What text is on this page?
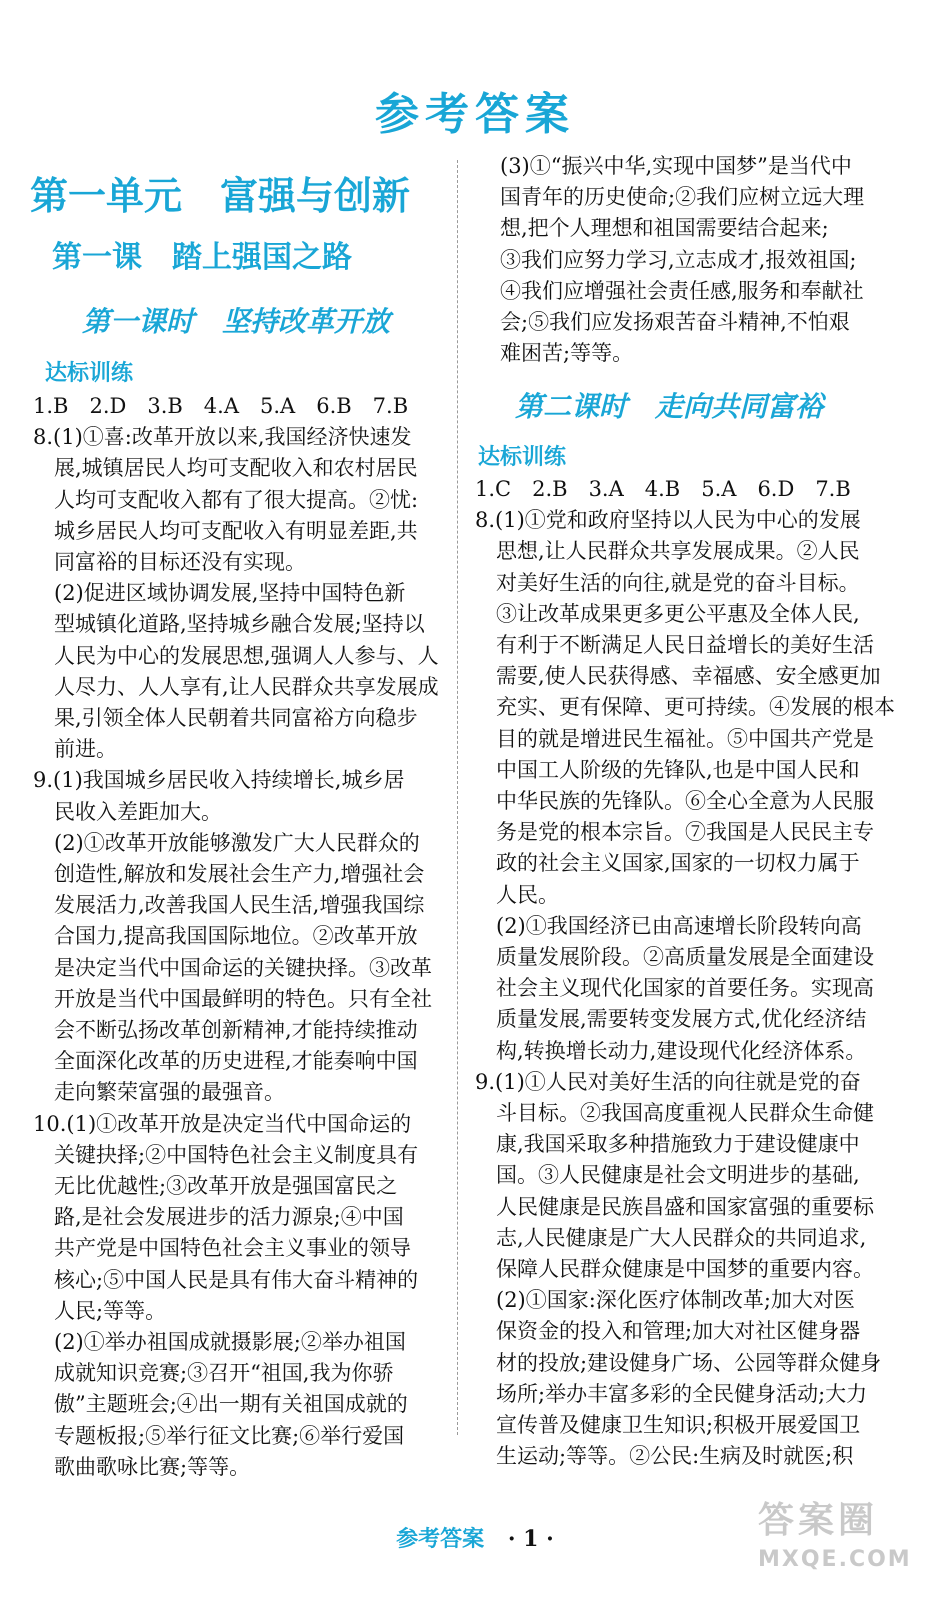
参考答案
第一单元　富强与创新
第一课　踏上强国之路
第一课时　坚持改革开放
达标训练
第二课时　走向共同富裕
达标训练
参考答案 · 1 ·	答案圈
MXQE.COM
1.B　2.D　3.B　4.A　5.A　6.B　7.B
8.(1)①喜:改革开放以来,我国经济快速发
　展,城镇居民人均可支配收入和农村居民
　人均可支配收入都有了很大提高。②忧:
　城乡居民人均可支配收入有明显差距,共
　同富裕的目标还没有实现。
　(2)促进区域协调发展,坚持中国特色新
　型城镇化道路,坚持城乡融合发展;坚持以
　人民为中心的发展思想,强调人人参与、人
　人尽力、人人享有,让人民群众共享发展成
　果,引领全体人民朝着共同富裕方向稳步
　前进。
9.(1)我国城乡居民收入持续增长,城乡居
　民收入差距加大。
　(2)①改革开放能够激发广大人民群众的
　创造性,解放和发展社会生产力,增强社会
　发展活力,改善我国人民生活,增强我国综
　合国力,提高我国国际地位。②改革开放
　是决定当代中国命运的关键抉择。③改革
　开放是当代中国最鲜明的特色。只有全社
　会不断弘扬改革创新精神,才能持续推动
　全面深化改革的历史进程,才能奏响中国
　走向繁荣富强的最强音。
10.(1)①改革开放是决定当代中国命运的
　关键抉择;②中国特色社会主义制度具有
　无比优越性;③改革开放是强国富民之
　路,是社会发展进步的活力源泉;④中国
　共产党是中国特色社会主义事业的领导
　核心;⑤中国人民是具有伟大奋斗精神的
　人民;等等。
　(2)①举办祖国成就摄影展;②举办祖国
　成就知识竞赛;③召开“祖国,我为你骄
　傲”主题班会;④出一期有关祖国成就的
　专题板报;⑤举行征文比赛;⑥举行爱国
　歌曲歌咏比赛;等等。
(3)①“振兴中华,实现中国梦”是当代中
国青年的历史使命;②我们应树立远大理
想,把个人理想和祖国需要结合起来;
③我们应努力学习,立志成才,报效祖国;
④我们应增强社会责任感,服务和奉献社
会;⑤我们应发扬艰苦奋斗精神,不怕艰
难困苦;等等。
1.C　2.B　3.A　4.B　5.A　6.D　7.B
8.(1)①党和政府坚持以人民为中心的发展
　思想,让人民群众共享发展成果。②人民
　对美好生活的向往,就是党的奋斗目标。
　③让改革成果更多更公平惠及全体人民,
　有利于不断满足人民日益增长的美好生活
　需要,使人民获得感、幸福感、安全感更加
　充实、更有保障、更可持续。④发展的根本
　目的就是增进民生福祉。⑤中国共产党是
　中国工人阶级的先锋队,也是中国人民和
　中华民族的先锋队。⑥全心全意为人民服
　务是党的根本宗旨。⑦我国是人民民主专
　政的社会主义国家,国家的一切权力属于
　人民。
　(2)①我国经济已由高速增长阶段转向高
　质量发展阶段。②高质量发展是全面建设
　社会主义现代化国家的首要任务。实现高
　质量发展,需要转变发展方式,优化经济结
　构,转换增长动力,建设现代化经济体系。
9.(1)①人民对美好生活的向往就是党的奋
　斗目标。②我国高度重视人民群众生命健
　康,我国采取多种措施致力于建设健康中
　国。③人民健康是社会文明进步的基础,
　人民健康是民族昌盛和国家富强的重要标
　志,人民健康是广大人民群众的共同追求,
　保障人民群众健康是中国梦的重要内容。
　(2)①国家:深化医疗体制改革;加大对医
　保资金的投入和管理;加大对社区健身器
　材的投放;建设健身广场、公园等群众健身
　场所;举办丰富多彩的全民健身活动;大力
　宣传普及健康卫生知识;积极开展爱国卫
　生运动;等等。②公民:生病及时就医;积
